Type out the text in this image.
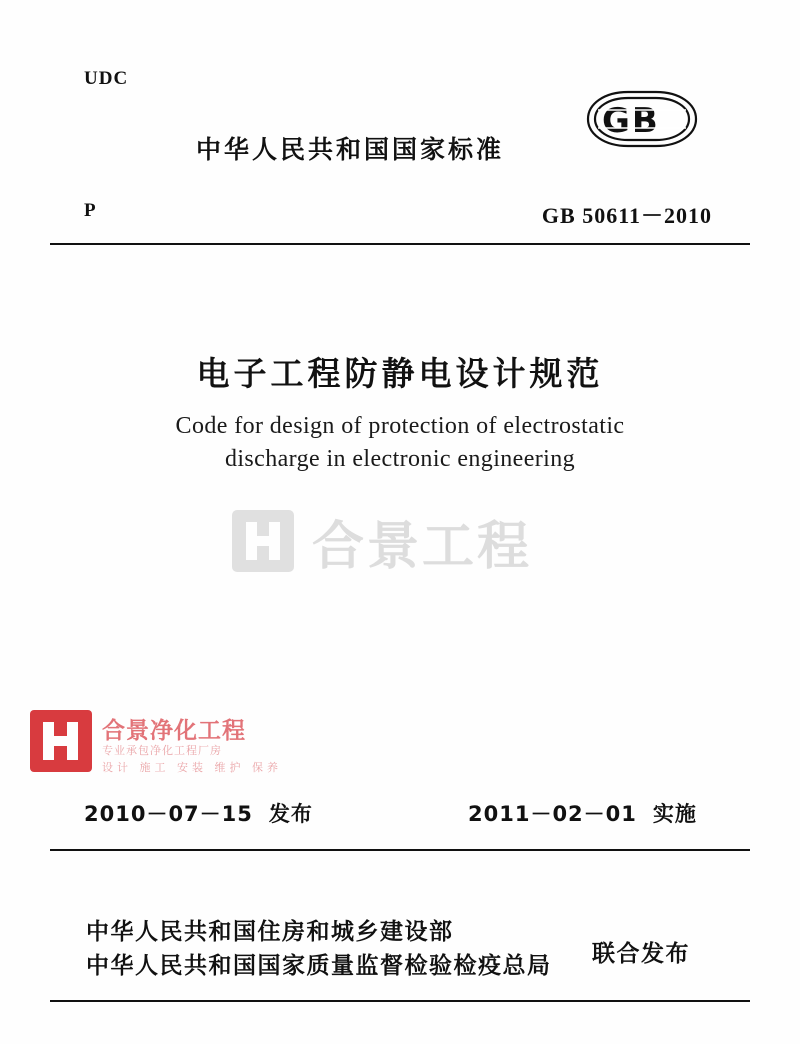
UDC
中华人民共和国国家标准
GB
P	GB 50611－2010
电子工程防静电设计规范
Code for design of protection of electrostatic
discharge in electronic engineering
合景工程
合景净化工程
专业承包净化工程厂房
设计 施工 安装 维护 保养
2010－07－15 发布	2011－02－01 实施
中华人民共和国住房和城乡建设部
中华人民共和国国家质量监督检验检疫总局 联合发布
